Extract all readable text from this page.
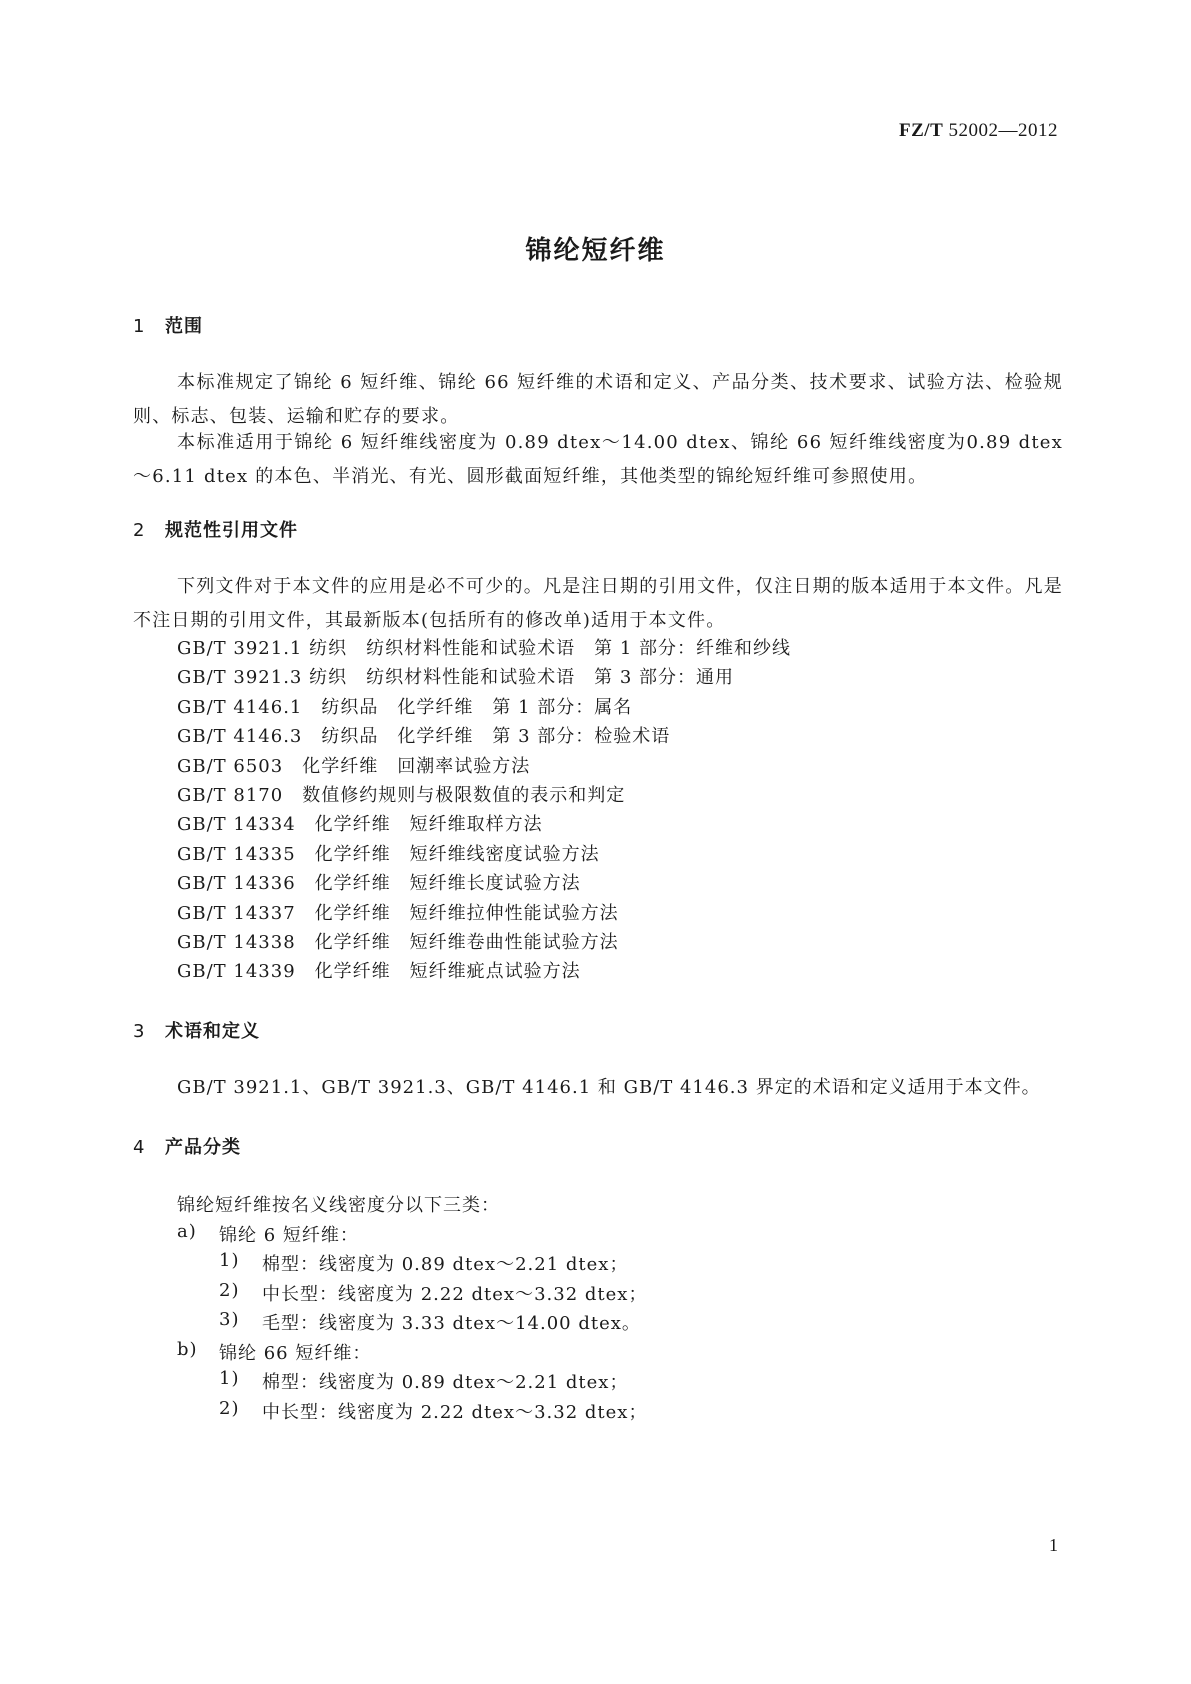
FZ/T 52002—2012
锦纶短纤维
1 范围
本标准规定了锦纶 6 短纤维、锦纶 66 短纤维的术语和定义、产品分类、技术要求、试验方法、检验规则、标志、包装、运输和贮存的要求。
本标准适用于锦纶 6 短纤维线密度为 0.89 dtex～14.00 dtex、锦纶 66 短纤维线密度为0.89 dtex～6.11 dtex 的本色、半消光、有光、圆形截面短纤维，其他类型的锦纶短纤维可参照使用。
2 规范性引用文件
下列文件对于本文件的应用是必不可少的。凡是注日期的引用文件，仅注日期的版本适用于本文件。凡是不注日期的引用文件，其最新版本(包括所有的修改单)适用于本文件。
GB/T 3921.1 纺织　纺织材料性能和试验术语　第 1 部分：纤维和纱线
GB/T 3921.3 纺织　纺织材料性能和试验术语　第 3 部分：通用
GB/T 4146.1　纺织品　化学纤维　第 1 部分：属名
GB/T 4146.3　纺织品　化学纤维　第 3 部分：检验术语
GB/T 6503　化学纤维　回潮率试验方法
GB/T 8170　数值修约规则与极限数值的表示和判定
GB/T 14334　化学纤维　短纤维取样方法
GB/T 14335　化学纤维　短纤维线密度试验方法
GB/T 14336　化学纤维　短纤维长度试验方法
GB/T 14337　化学纤维　短纤维拉伸性能试验方法
GB/T 14338　化学纤维　短纤维卷曲性能试验方法
GB/T 14339　化学纤维　短纤维疵点试验方法
3 术语和定义
GB/T 3921.1、GB/T 3921.3、GB/T 4146.1 和 GB/T 4146.3 界定的术语和定义适用于本文件。
4 产品分类
锦纶短纤维按名义线密度分以下三类：
a) 锦纶 6 短纤维：
1) 棉型：线密度为 0.89 dtex～2.21 dtex；
2) 中长型：线密度为 2.22 dtex～3.32 dtex；
3) 毛型：线密度为 3.33 dtex～14.00 dtex。
b) 锦纶 66 短纤维：
1) 棉型：线密度为 0.89 dtex～2.21 dtex；
2) 中长型：线密度为 2.22 dtex～3.32 dtex；
1
